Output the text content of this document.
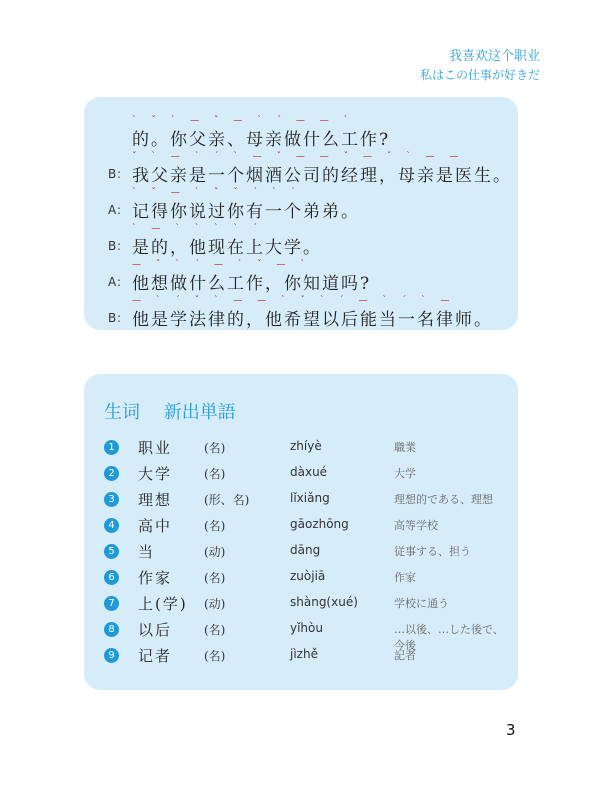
我喜欢这个职业
私はこの仕事が好きだ
ˋ ˇ ˋ — ˇ — ˋ ˊ — — ˋ
的。你父亲、母亲做什么工作?
B：
ˇ ˋ — ˋ ˊ ˋ — ˇ — — ˇ — ˇ ˋ — —
我父亲是一个烟酒公司的经理，母亲是医生。
A：
ˋ ˇ — ˋ ˇ ˇ ˊ ˋ ˋ
记得你说过你有一个弟弟。
B：
ˋ — ˋ ˋ ˋ ˋ ˊ
是的，他现在上大学。
A：
— ˇ ˋ ˊ — ˋ ˇ — ˋ
他想做什么工作，你知道吗?
B：
— ˋ ˊ ˇ ˋ — — ˋ ˇ ˋ ˊ — ˋ ˊ ˋ —
他是学法律的，他希望以后能当一名律师。
生词 新出単語
1 职业	(名)	zhíyè	職業
2 大学	(名)	dàxué	大学
3 理想	(形、名)	lǐxiǎng	理想的である、理想
4 高中	(名)	gāozhōng	高等学校
5 当	(动)	dāng	従事する、担う
6 作家	(名)	zuòjiā	作家
7 上(学) (动)	shàng(xué)	学校に通う
8 以后	(名)	yǐhòu	…以後、…した後で、今後
9 记者	(名)	jìzhě	記者
3
